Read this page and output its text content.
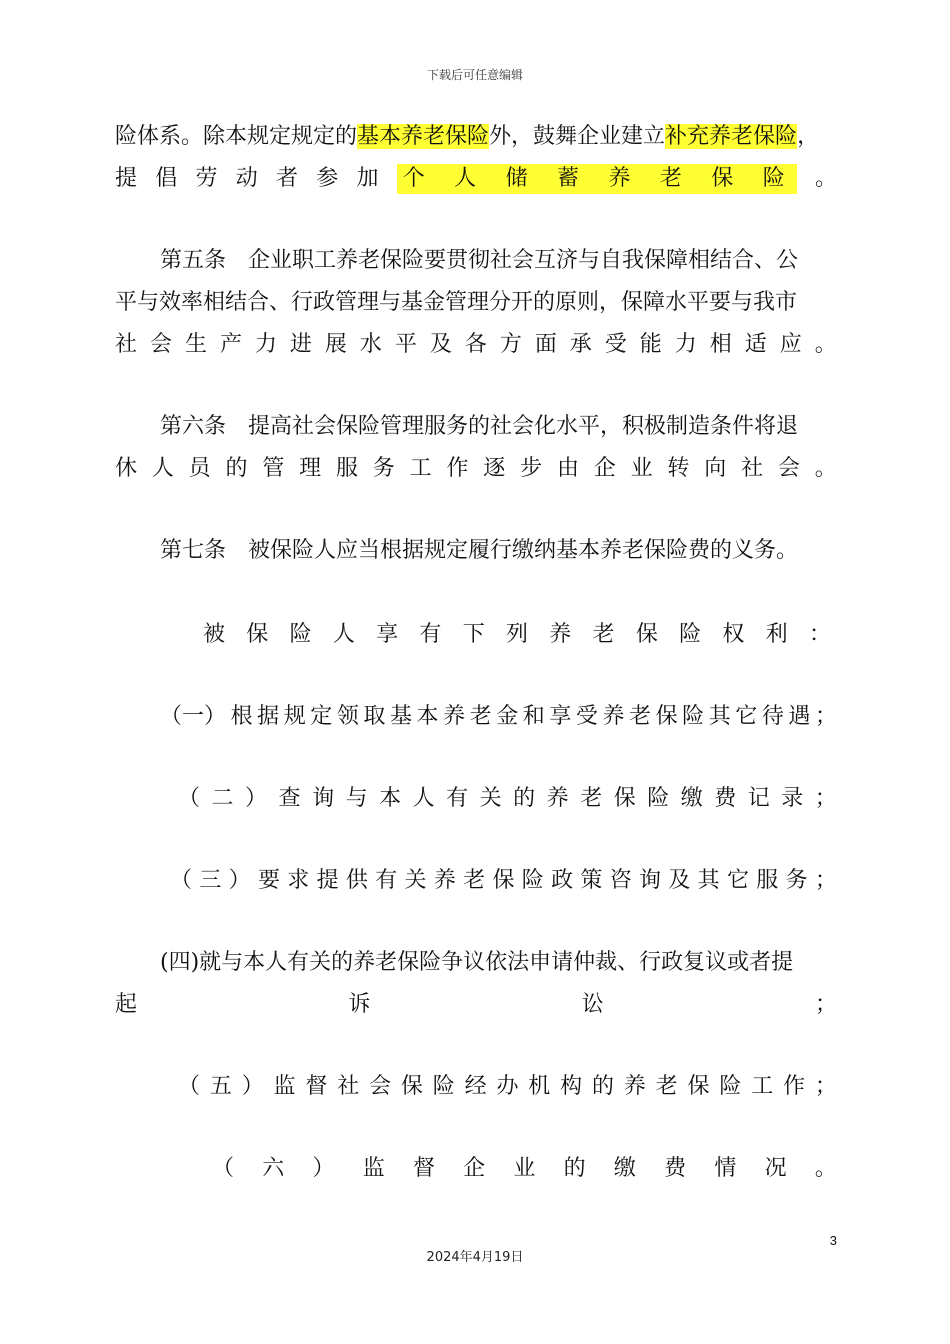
下载后可任意编辑
险体系。除本规定规定的基本养老保险外，鼓舞企业建立补充养老保险，
提 倡 劳 动 者 参 加 个 人 储 蓄 养 老 保 险 。
第五条　企业职工养老保险要贯彻社会互济与自我保障相结合、公
平与效率相结合、行政管理与基金管理分开的原则，保障水平要与我市
社 会 生 产 力 进 展 水 平 及 各 方 面 承 受 能 力 相 适 应 。
第六条　提高社会保险管理服务的社会化水平，积极制造条件将退
休 人 员 的 管 理 服 务 工 作 逐 步 由 企 业 转 向 社 会 。
第七条　被保险人应当根据规定履行缴纳基本养老保险费的义务。
被 保 险 人 享 有 下 列 养 老 保 险 权 利 ：
（一） 根 据 规 定 领 取 基 本 养 老 金 和 享 受 养 老 保 险 其 它 待 遇 ；
（ 二 ） 查 询 与 本 人 有 关 的 养 老 保 险 缴 费 记 录 ；
（ 三 ） 要 求 提 供 有 关 养 老 保 险 政 策 咨 询 及 其 它 服 务 ；
(四)就与本人有关的养老保险争议依法申请仲裁、行政复议或者提
起	诉	讼	；
（ 五 ） 监 督 社 会 保 险 经 办 机 构 的 养 老 保 险 工 作 ；
（ 六 ） 监 督 企 业 的 缴 费 情 况 。
3
2024年4月19日
